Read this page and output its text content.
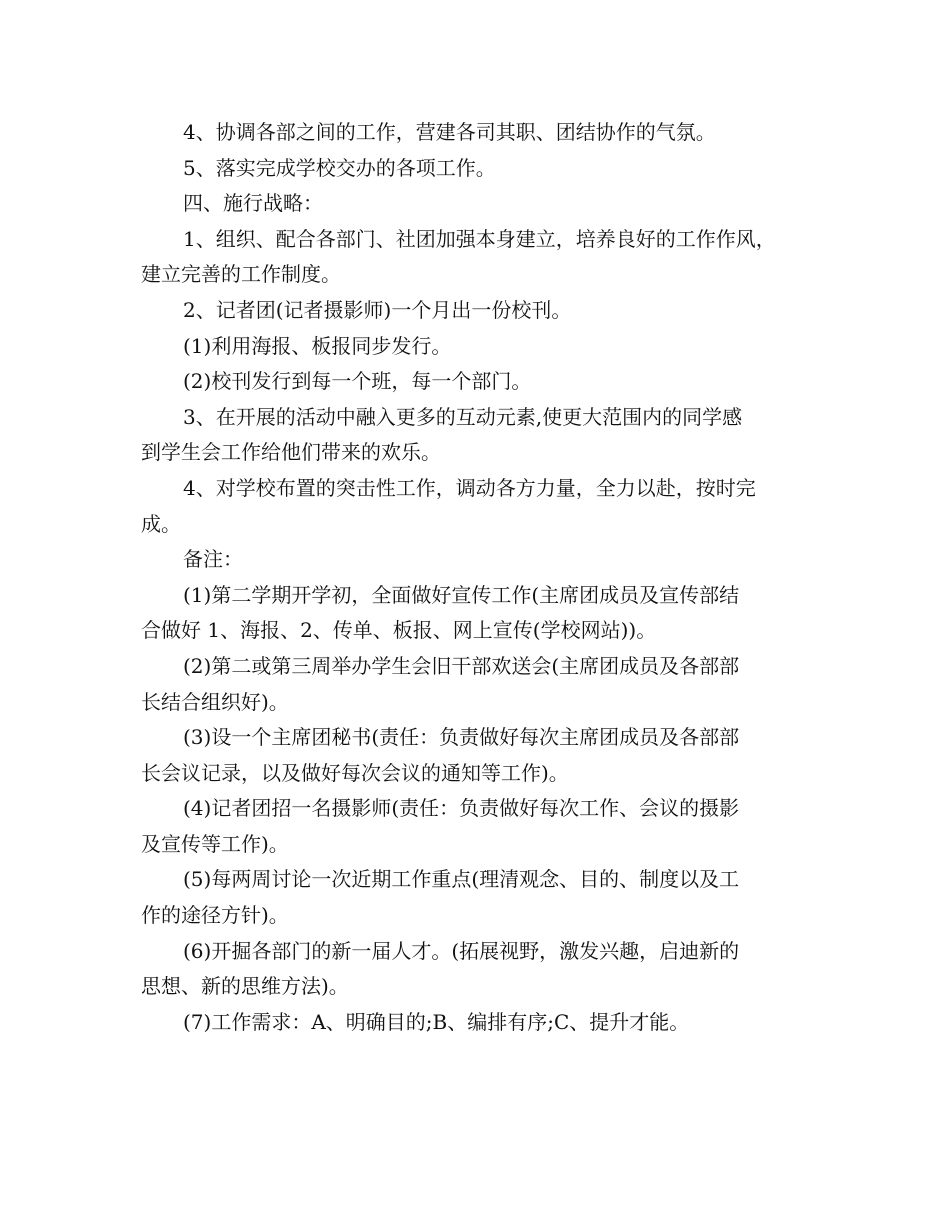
4、协调各部之间的工作，营建各司其职、团结协作的气氛。

5、落实完成学校交办的各项工作。

四、施行战略：

1、组织、配合各部门、社团加强本身建立，培养良好的工作作风，
建立完善的工作制度。

2、记者团(记者摄影师)一个月出一份校刊。

(1)利用海报、板报同步发行。

(2)校刊发行到每一个班，每一个部门。

3、在开展的活动中融入更多的互动元素,使更大范围内的同学感
到学生会工作给他们带来的欢乐。

4、对学校布置的突击性工作，调动各方力量，全力以赴，按时完
成。

备注：

(1)第二学期开学初，全面做好宣传工作(主席团成员及宣传部结
合做好 1、海报、2、传单、板报、网上宣传(学校网站))。

(2)第二或第三周举办学生会旧干部欢送会(主席团成员及各部部
长结合组织好)。

(3)设一个主席团秘书(责任：负责做好每次主席团成员及各部部
长会议记录，以及做好每次会议的通知等工作)。

(4)记者团招一名摄影师(责任：负责做好每次工作、会议的摄影
及宣传等工作)。

(5)每两周讨论一次近期工作重点(理清观念、目的、制度以及工
作的途径方针)。

(6)开掘各部门的新一届人才。(拓展视野，激发兴趣，启迪新的
思想、新的思维方法)。

(7)工作需求：A、明确目的;B、编排有序;C、提升才能。
